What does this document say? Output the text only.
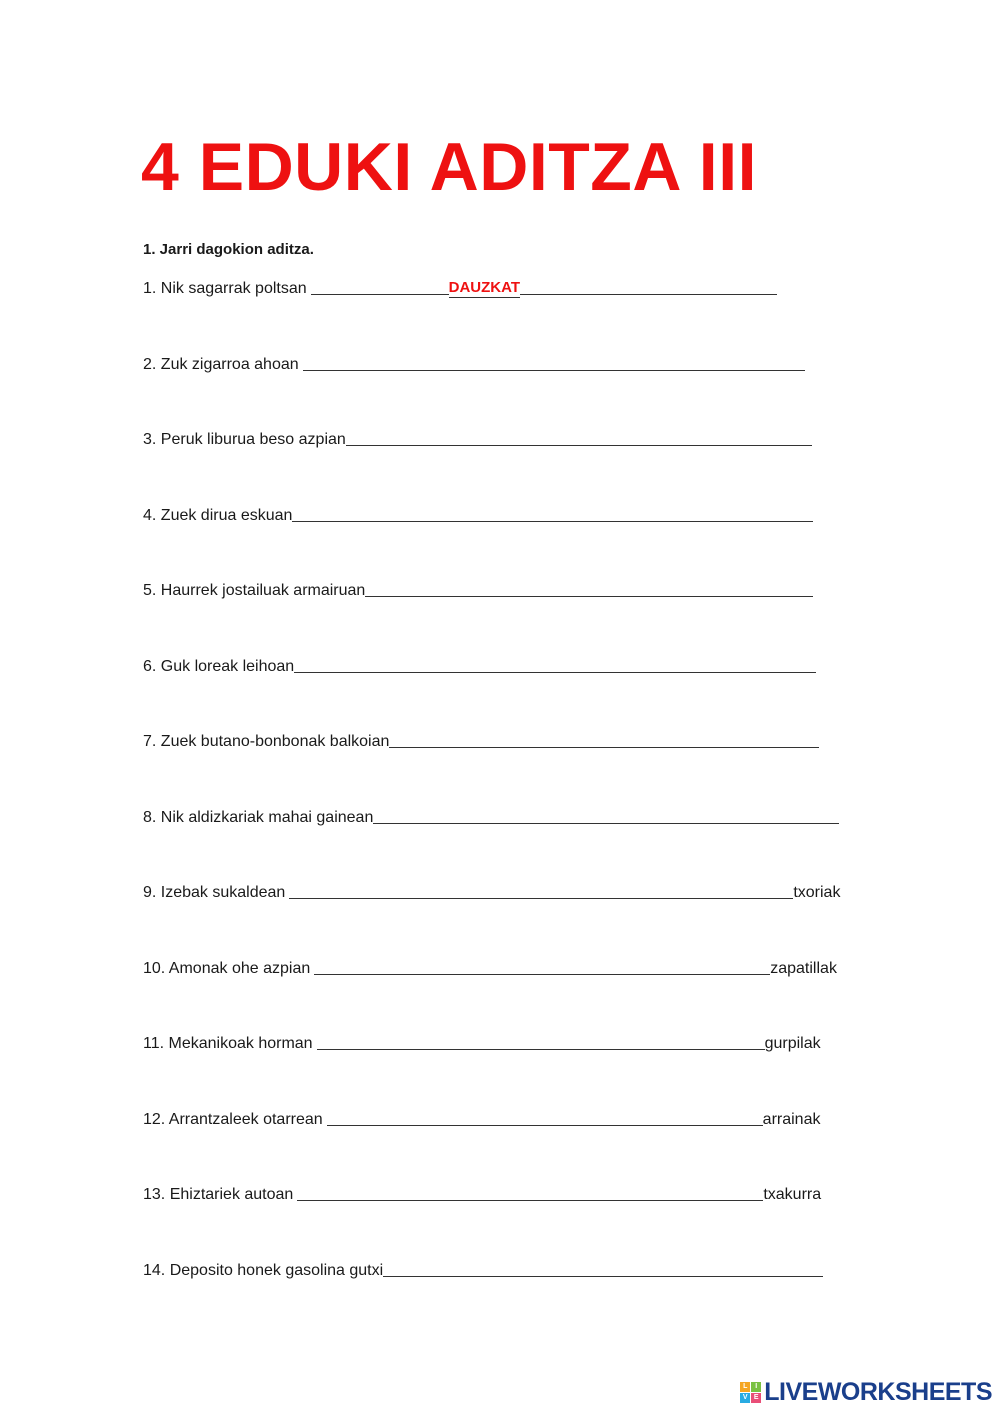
4 EDUKI ADITZA III
1. Jarri dagokion aditza.
1. Nik sagarrak poltsan	DAUZKAT
2. Zuk zigarroa ahoan
3. Peruk liburua beso azpian
4. Zuek dirua eskuan
5. Haurrek jostailuak armairuan
6. Guk loreak leihoan
7. Zuek butano-bonbonak balkoian
8. Nik aldizkariak mahai gainean
9. Izebak sukaldean	txoriak
10. Amonak ohe azpian	zapatillak
11. Mekanikoak horman	gurpilak
12. Arrantzaleek otarrean	arrainak
13. Ehiztariek autoan	txakurra
14. Deposito honek gasolina gutxi
L	I
V E LIVEWORKSHEETS
